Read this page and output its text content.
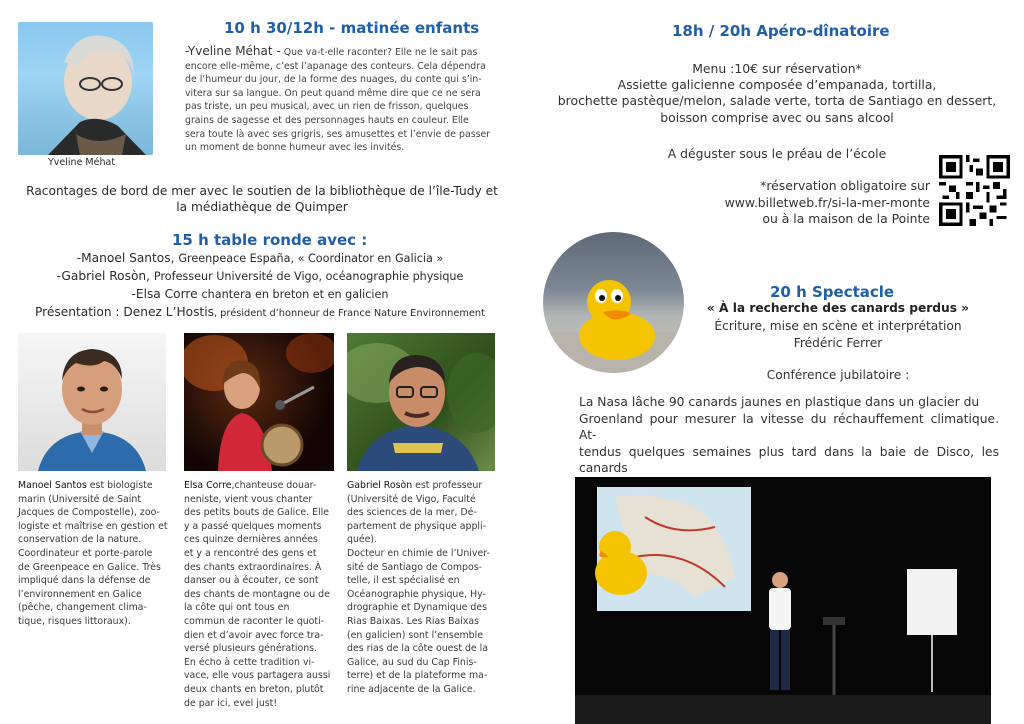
Yveline Méhat
10 h 30/12h - matinée enfants
-Yveline Méhat - Que va-t-elle raconter? Elle ne le sait pas
encore elle-même, c’est l’apanage des conteurs. Cela dépendra
de l’humeur du jour, de la forme des nuages, du conte qui s’in-
vitera sur sa langue. On peut quand même dire que ce ne sera
pas triste, un peu musical, avec un rien de frisson, quelques
grains de sagesse et des personnages hauts en couleur. Elle
sera toute là avec ses grigris, ses amusettes et l’envie de passer
un moment de bonne humeur avec les invités.
Racontages de bord de mer avec le soutien de la bibliothèque de l’île-Tudy et
la médiathèque de Quimper
15 h table ronde avec :
-Manoel Santos, Greenpeace España, « Coordinator en Galicia »
-Gabriel Rosòn, Professeur Université de Vigo, océanographie physique
-Elsa Corre chantera en breton et en galicien
Présentation : Denez L’Hostis, président d’honneur de France Nature Environnement
Manoel Santos est biologiste
marin (Université de Saint
Jacques de Compostelle), zoo-
logiste et maîtrise en gestion et
conservation de la nature.
Coordinateur et porte-parole
de Greenpeace en Galice. Très
impliqué dans la défense de
l’environnement en Galice
(pêche, changement clima-
tique, risques littoraux).
Elsa Corre,chanteuse douar-
neniste, vient vous chanter
des petits bouts de Galice. Elle
y a passé quelques moments
ces quinze dernières années
et y a rencontré des gens et
des chants extraordinaires. À
danser ou à écouter, ce sont
des chants de montagne ou de
la côte qui ont tous en
commun de raconter le quoti-
dien et d’avoir avec force tra-
versé plusieurs générations.
En écho à cette tradition vi-
vace, elle vous partagera aussi
deux chants en breton, plutôt
de par ici, evel just!
Gabriel Rosòn est professeur
(Université de Vigo, Faculté
des sciences de la mer, Dé-
partement de physique appli-
quée).
Docteur en chimie de l’Univer-
sité de Santiago de Compos-
telle, il est spécialisé en
Océanographie physique, Hy-
drographie et Dynamique des
Rias Baixas. Les Rias Baixas
(en galicien) sont l’ensemble
des rias de la côte ouest de la
Galice, au sud du Cap Finis-
terre) et de la plateforme ma-
rine adjacente de la Galice.
18h / 20h Apéro-dînatoire
Menu :10€ sur réservation*
Assiette galicienne composée d’empanada, tortilla,
brochette pastèque/melon, salade verte, torta de Santiago en dessert,
boisson comprise avec ou sans alcool
A déguster sous le préau de l’école
*réservation obligatoire sur
www.billetweb.fr/si-la-mer-monte
ou à la maison de la Pointe
20 h Spectacle
« À la recherche des canards perdus »
Écriture, mise en scène et interprétation
Frédéric Ferrer
Conférence jubilatoire :
La Nasa lâche 90 canards jaunes en plastique dans un glacier du
Groenland pour mesurer la vitesse du réchauffement climatique. At-
tendus quelques semaines plus tard dans la baie de Disco, les canards
